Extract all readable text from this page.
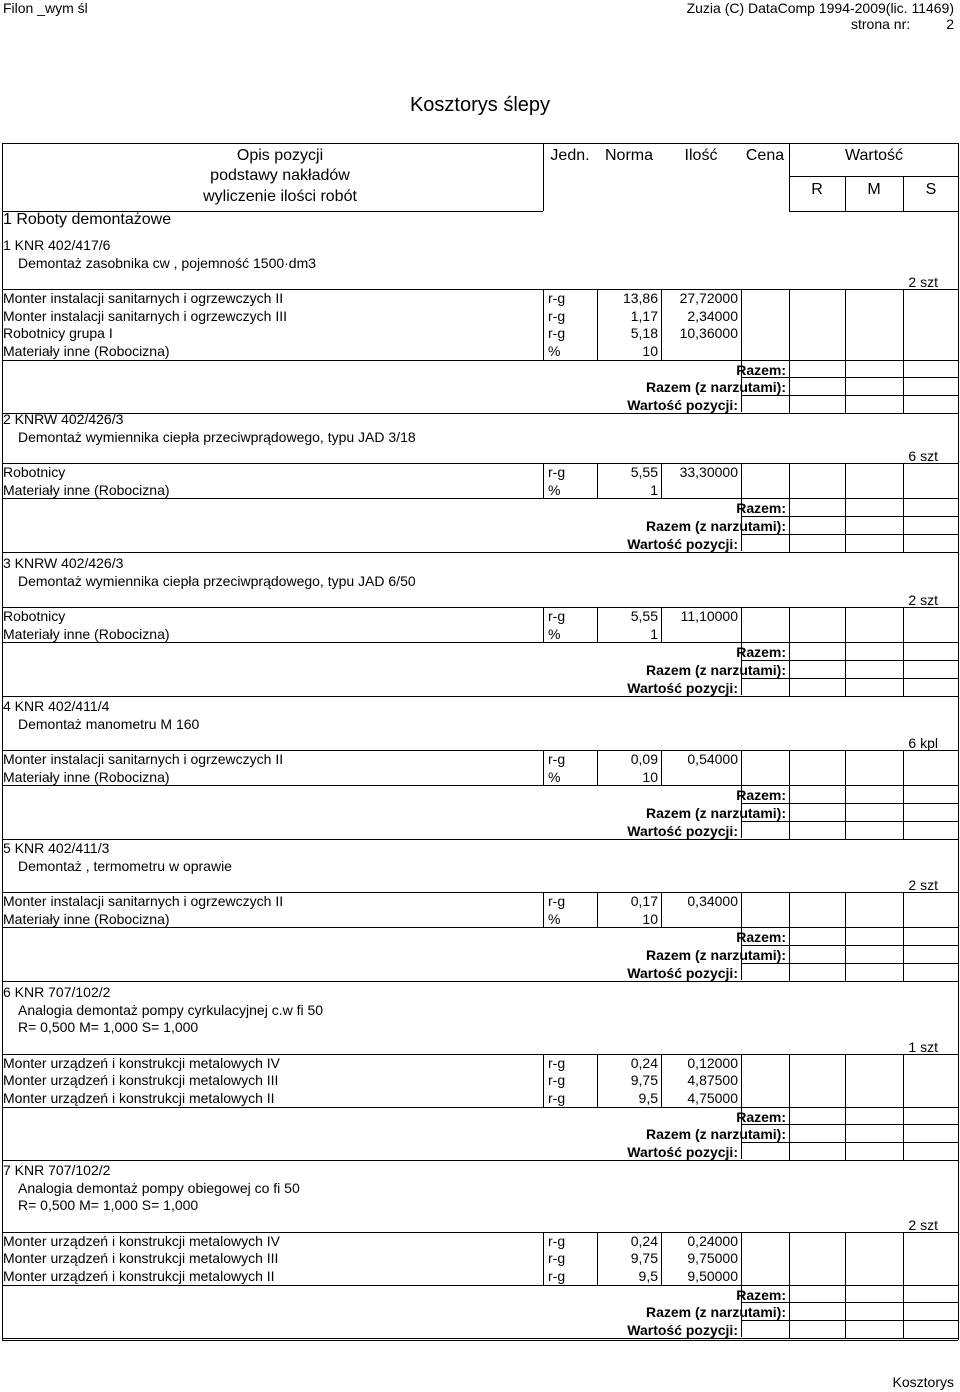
Filon _wym śl	Zuzia (C) DataComp 1994-2009(lic. 11469)
strona nr:	2
Kosztorys ślepy
Opis pozycji
podstawy nakładów
wyliczenie ilości robót
Jedn. Norma	Ilość	Cena	Wartość
R	M	S
1 Roboty demontażowe
1 KNR 402/417/6
Demontaż zasobnika cw , pojemność 1500·dm3
2 szt
Monter instalacji sanitarnych i ogrzewczych II	r-g	13,86	27,72000
Monter instalacji sanitarnych i ogrzewczych III	r-g	1,17	2,34000
Robotnicy grupa I	r-g	5,18	10,36000
Materiały inne (Robocizna)	%	10
Razem:
Razem (z narzutami):
Wartość pozycji:
2 KNRW 402/426/3
Demontaż wymiennika ciepła przeciwprądowego, typu JAD 3/18
6 szt
Robotnicy	r-g	5,55	33,30000
Materiały inne (Robocizna)	%	1
Razem:
Razem (z narzutami):
Wartość pozycji:
3 KNRW 402/426/3
Demontaż wymiennika ciepła przeciwprądowego, typu JAD 6/50
2 szt
Robotnicy	r-g	5,55	11,10000
Materiały inne (Robocizna)	%	1
Razem:
Razem (z narzutami):
Wartość pozycji:
4 KNR 402/411/4
Demontaż manometru M 160
6 kpl
Monter instalacji sanitarnych i ogrzewczych II	r-g	0,09	0,54000
Materiały inne (Robocizna)	%	10
Razem:
Razem (z narzutami):
Wartość pozycji:
5 KNR 402/411/3
Demontaż , termometru w oprawie
2 szt
Monter instalacji sanitarnych i ogrzewczych II	r-g	0,17	0,34000
Materiały inne (Robocizna)	%	10
Razem:
Razem (z narzutami):
Wartość pozycji:
6 KNR 707/102/2
Analogia demontaż pompy cyrkulacyjnej c.w fi 50
R= 0,500 M= 1,000 S= 1,000
1 szt
Monter urządzeń i konstrukcji metalowych IV	r-g	0,24	0,12000
Monter urządzeń i konstrukcji metalowych III	r-g	9,75	4,87500
Monter urządzeń i konstrukcji metalowych II	r-g	9,5	4,75000
Razem:
Razem (z narzutami):
Wartość pozycji:
7 KNR 707/102/2
Analogia demontaż pompy obiegowej co fi 50
R= 0,500 M= 1,000 S= 1,000
2 szt
Monter urządzeń i konstrukcji metalowych IV	r-g	0,24	0,24000
Monter urządzeń i konstrukcji metalowych III	r-g	9,75	9,75000
Monter urządzeń i konstrukcji metalowych II	r-g	9,5	9,50000
Razem:
Razem (z narzutami):
Wartość pozycji:
Kosztorys
